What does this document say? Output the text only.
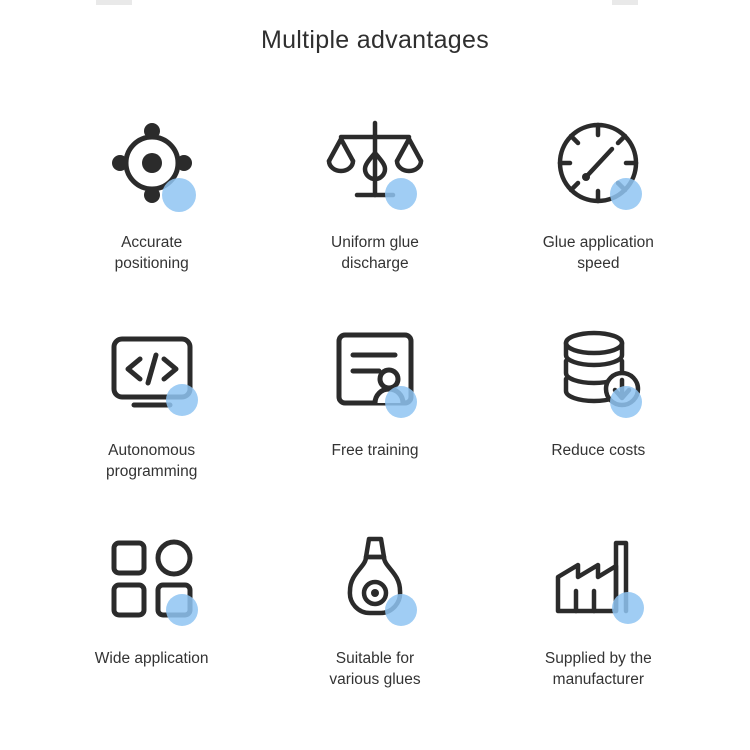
Multiple advantages
Accurate
positioning
Uniform glue
discharge
Glue application
speed
Autonomous
programming
Free training	Reduce costs
Wide application	Suitable for
various glues
Supplied by the
manufacturer
